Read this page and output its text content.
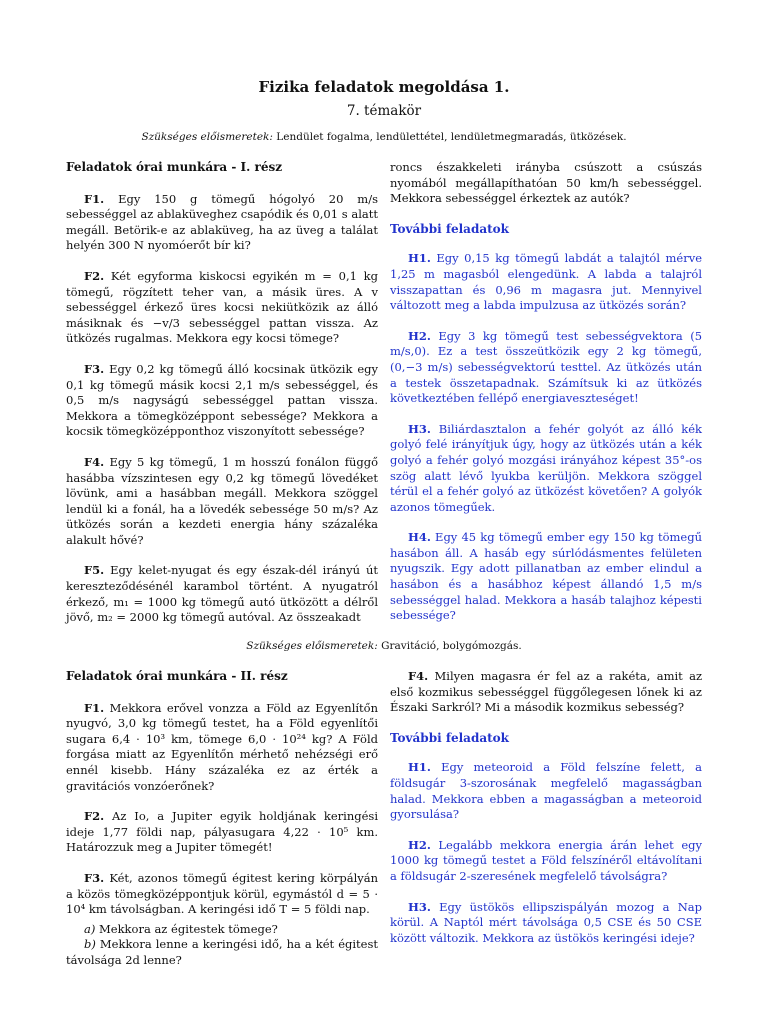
Fizika feladatok megoldása 1.
7. témakör
Szükséges előismeretek: Lendület fogalma, lendülettétel, lendületmegmaradás, ütközések.
Feladatok órai munkára - I. rész

F1. Egy 150 g tömegű hógolyó 20 m/s sebességgel az ablaküveghez csapódik és 0,01 s alatt megáll. Betörik-e az ablaküveg, ha az üveg a találat helyén 300 N nyomóerőt bír ki?

F2. Két egyforma kiskocsi egyikén m = 0,1 kg tömegű, rögzített teher van, a másik üres. A v sebességgel érkező üres kocsi nekiütközik az álló másiknak és −v/3 sebességgel pattan vissza. Az ütközés rugalmas. Mekkora egy kocsi tömege?

F3. Egy 0,2 kg tömegű álló kocsinak ütközik egy 0,1 kg tömegű másik kocsi 2,1 m/s sebességgel, és 0,5 m/s nagyságú sebességgel pattan vissza. Mekkora a tömegközéppont sebessége? Mekkora a kocsik tömegközépponthoz viszonyított sebessége?

F4. Egy 5 kg tömegű, 1 m hosszú fonálon függő hasábba vízszintesen egy 0,2 kg tömegű lövedéket lövünk, ami a hasábban megáll. Mekkora szöggel lendül ki a fonál, ha a lövedék sebessége 50 m/s? Az ütközés során a kezdeti energia hány százaléka alakult hővé?

F5. Egy kelet-nyugat és egy észak-dél irányú út kereszteződésénél karambol történt. A nyugatról érkező, m₁ = 1000 kg tömegű autó ütközött a délről jövő, m₂ = 2000 kg tömegű autóval. Az összeakadt

roncs északkeleti irányba csúszott a csúszás nyomából megállapíthatóan 50 km/h sebességgel. Mekkora sebességgel érkeztek az autók?

További feladatok

H1. Egy 0,15 kg tömegű labdát a talajtól mérve 1,25 m magasból elengedünk. A labda a talajról visszapattan és 0,96 m magasra jut. Mennyivel változott meg a labda impulzusa az ütközés során?

H2. Egy 3 kg tömegű test sebességvektora (5 m/s,0). Ez a test összeütközik egy 2 kg tömegű, (0,−3 m/s) sebességvektorú testtel. Az ütközés után a testek összetapadnak. Számítsuk ki az ütközés következtében fellépő energiaveszteséget!

H3. Biliárdasztalon a fehér golyót az álló kék golyó felé irányítjuk úgy, hogy az ütközés után a kék golyó a fehér golyó mozgási irányához képest 35°-os szög alatt lévő lyukba kerüljön. Mekkora szöggel térül el a fehér golyó az ütközést követően? A golyók azonos tömegűek.

H4. Egy 45 kg tömegű ember egy 150 kg tömegű hasábon áll. A hasáb egy súrlódásmentes felületen nyugszik. Egy adott pillanatban az ember elindul a hasábon és a hasábhoz képest állandó 1,5 m/s sebességgel halad. Mekkora a hasáb talajhoz képesti sebessége?

Szükséges előismeretek: Gravitáció, bolygómozgás.
Feladatok órai munkára - II. rész

F1. Mekkora erővel vonzza a Föld az Egyenlítőn nyugvó, 3,0 kg tömegű testet, ha a Föld egyenlítői sugara 6,4 · 10³ km, tömege 6,0 · 10²⁴ kg? A Föld forgása miatt az Egyenlítőn mérhető nehézségi erő ennél kisebb. Hány százaléka ez az érték a gravitációs vonzóerőnek?

F2. Az Io, a Jupiter egyik holdjának keringési ideje 1,77 földi nap, pályasugara 4,22 · 10⁵ km. Határozzuk meg a Jupiter tömegét!

F3. Két, azonos tömegű égitest kering körpályán a közös tömegközéppontjuk körül, egymástól d = 5 · 10⁴ km távolságban. A keringési idő T = 5 földi nap.

a) Mekkora az égitestek tömege?

b) Mekkora lenne a keringési idő, ha a két égitest távolsága 2d lenne?

F4. Milyen magasra ér fel az a rakéta, amit az első kozmikus sebességgel függőlegesen lőnek ki az Északi Sarkról? Mi a második kozmikus sebesség?

További feladatok

H1. Egy meteoroid a Föld felszíne felett, a földsugár 3-szorosának megfelelő magasságban halad. Mekkora ebben a magasságban a meteoroid gyorsulása?

H2. Legalább mekkora energia árán lehet egy 1000 kg tömegű testet a Föld felszínéről eltávolítani a földsugár 2-szeresének megfelelő távolságra?

H3. Egy üstökös ellipszispályán mozog a Nap körül. A Naptól mért távolsága 0,5 CSE és 50 CSE között változik. Mekkora az üstökös keringési ideje?
